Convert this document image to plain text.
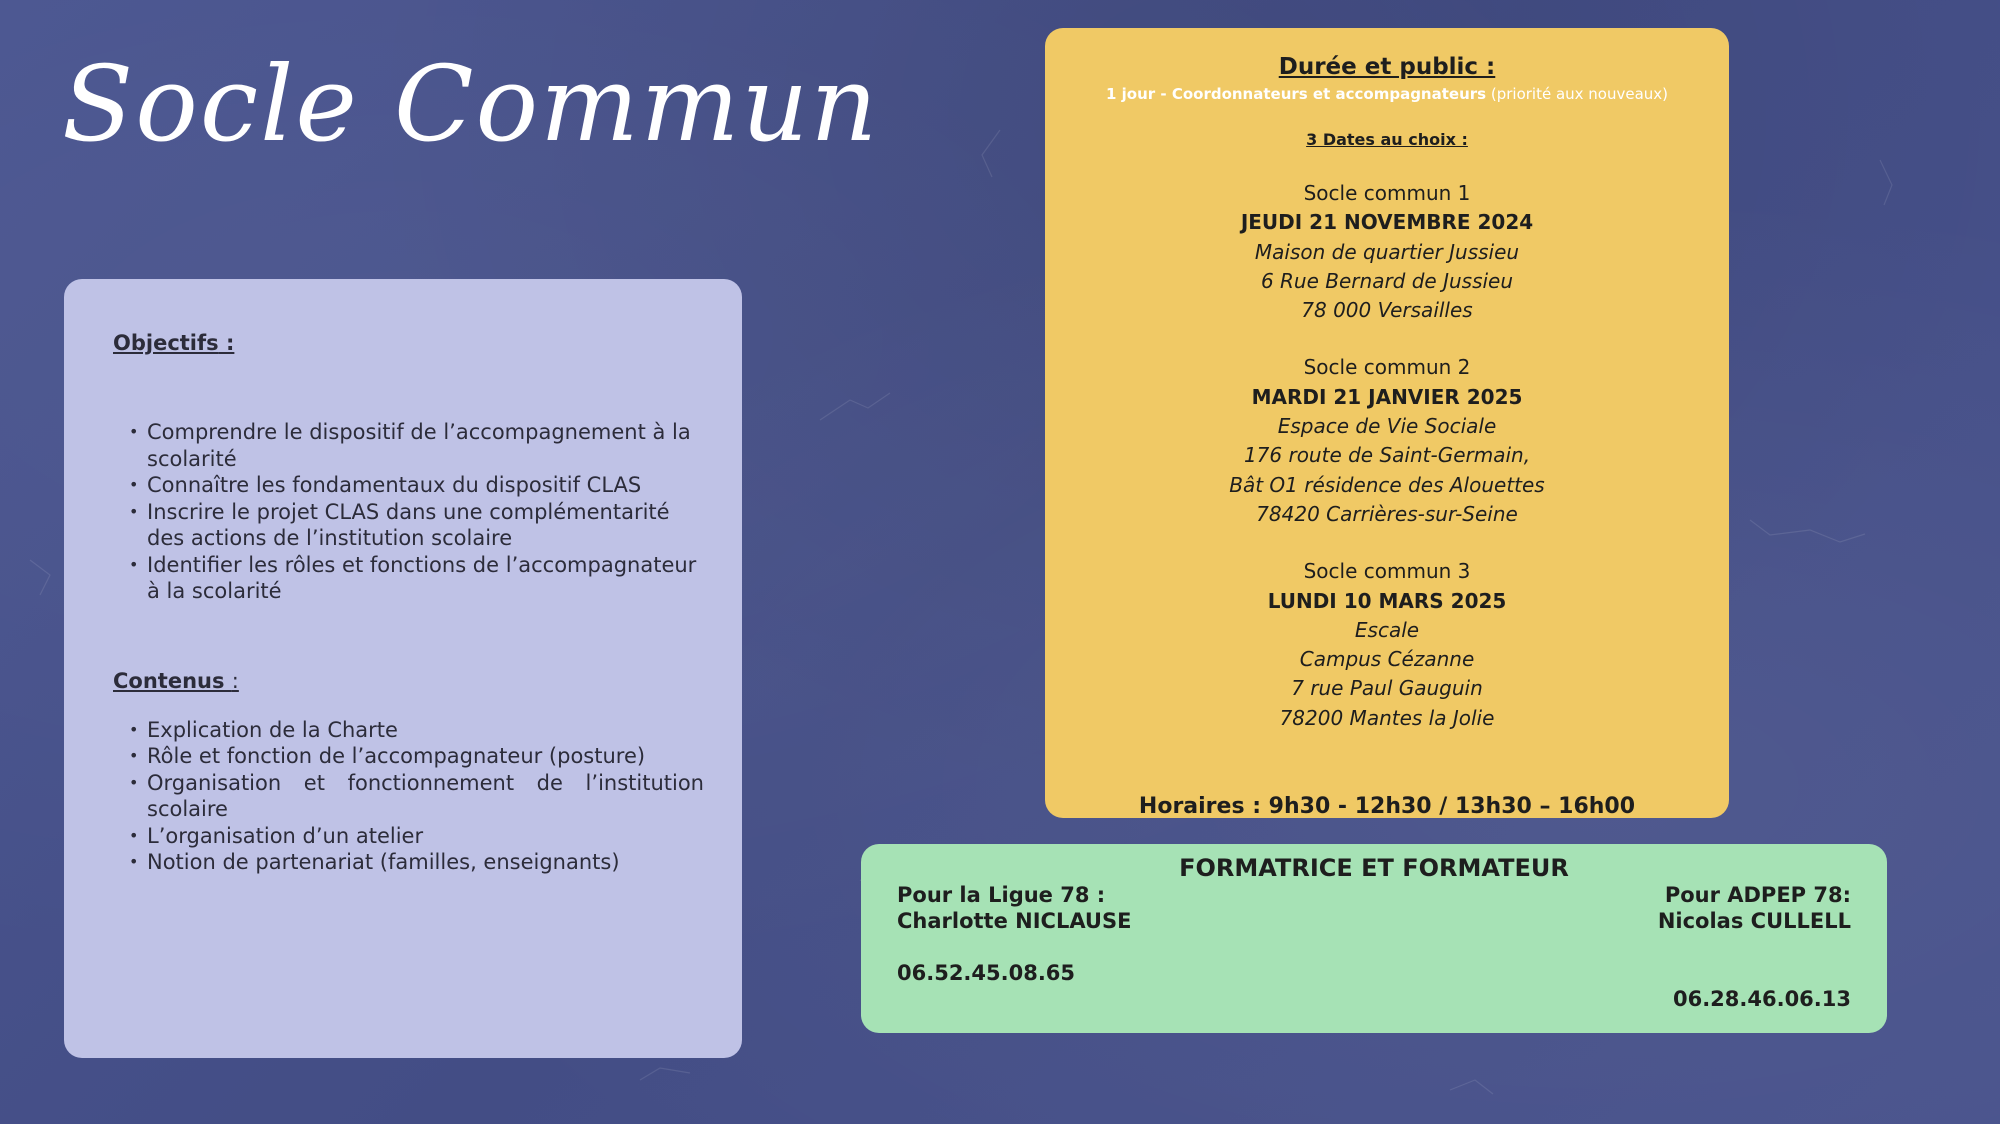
Socle Commun

Objectifs :

• Comprendre le dispositif de l’accompagnement à la scolarité
• Connaître les fondamentaux du dispositif CLAS
• Inscrire le projet CLAS dans une complémentarité des actions de l’institution scolaire
• Identifier les rôles et fonctions de l’accompagnateur à la scolarité

Contenus :

• Explication de la Charte
• Rôle et fonction de l’accompagnateur (posture)
• Organisation et fonctionnement de l’institution scolaire
• L’organisation d’un atelier
• Notion de partenariat (familles, enseignants)
Durée et public :
1 jour - Coordonnateurs et accompagnateurs (priorité aux nouveaux)
3 Dates au choix :
Socle commun 1
JEUDI 21 NOVEMBRE 2024
Maison de quartier Jussieu
6 Rue Bernard de Jussieu
78 000 Versailles
Socle commun 2
MARDI 21 JANVIER 2025
Espace de Vie Sociale
176 route de Saint-Germain,
Bât O1 résidence des Alouettes
78420 Carrières-sur-Seine
Socle commun 3
LUNDI 10 MARS 2025
Escale
Campus Cézanne
7 rue Paul Gauguin
78200 Mantes la Jolie
Horaires : 9h30 - 12h30 / 13h30 – 16h00
FORMATRICE ET FORMATEUR
Pour la Ligue 78 :
Charlotte NICLAUSE
06.52.45.08.65
Pour ADPEP 78:
Nicolas CULLELL
06.28.46.06.13
